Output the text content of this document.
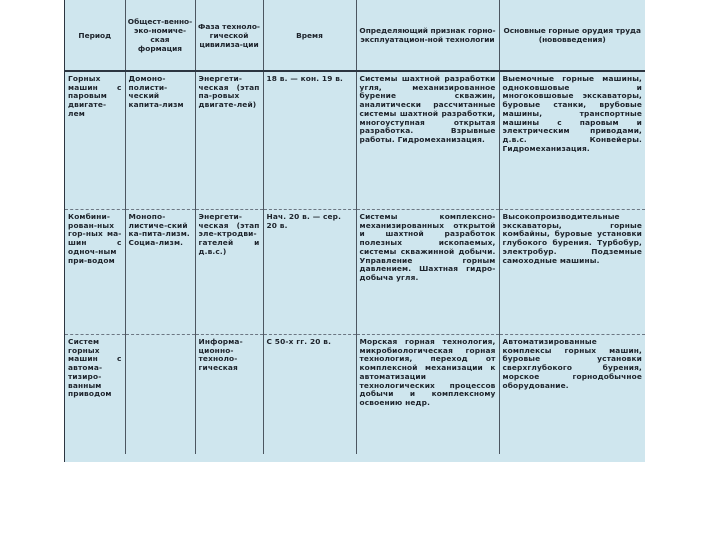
Период	Общест-венно-эко-номиче-ская формация	Фаза техноло-гической цивилиза-ции	Время	Определяющий признак горно-эксплуатацион-ной технологии	Основные горные орудия труда (нововведения)
Горных машин с паровым двигате-лем	Домоно-полисти-ческий капита-лизм	Энергети-ческая (этап па-ровых двигате-лей)	18 в. — кон. 19 в.	Системы шахтной разработки угля, механизированное бурение скважин, аналитически рассчитанные системы шахтной разработки, многоуступная открытая разработка. Взрывные работы. Гидромеханизация.	Выемочные горные машины, одноковшовые и многоковшовые экскаваторы, буровые станки, врубовые машины, транспортные машины с паровым и электрическим приводами, д.в.с. Конвейеры. Гидромеханизация.
Комбини-рован-ных гор-ных ма-шин с одноч-ным при-водом	Монопо-листиче-ский ка-пита-лизм. Социа-лизм.	Энергети-ческая (этап эле-ктродви-гателей и д.в.с.)	Нач. 20 в. — сер. 20 в.	Системы комплексно-механизированных открытой и шахтной разработок полезных ископаемых, системы скважинной добычи. Управление горным давлением. Шахтная гидро-добыча угля.	Высокопроизводительные экскаваторы, горные комбайны, буровые установки глубокого бурения. Турбобур, электробур. Подземные самоходные машины.
Систем горных машин с автома-тизиро-ванным приводом		Информа-ционно-техноло-гическая	С 50-х гг. 20 в.	Морская горная технология, микробиологическая горная технология, переход от комплексной механизации к автоматизации технологических процессов добычи и комплексному освоению недр.	Автоматизированные комплексы горных машин, буровые установки сверхглубокого бурения, морское горнодобычное оборудование.
